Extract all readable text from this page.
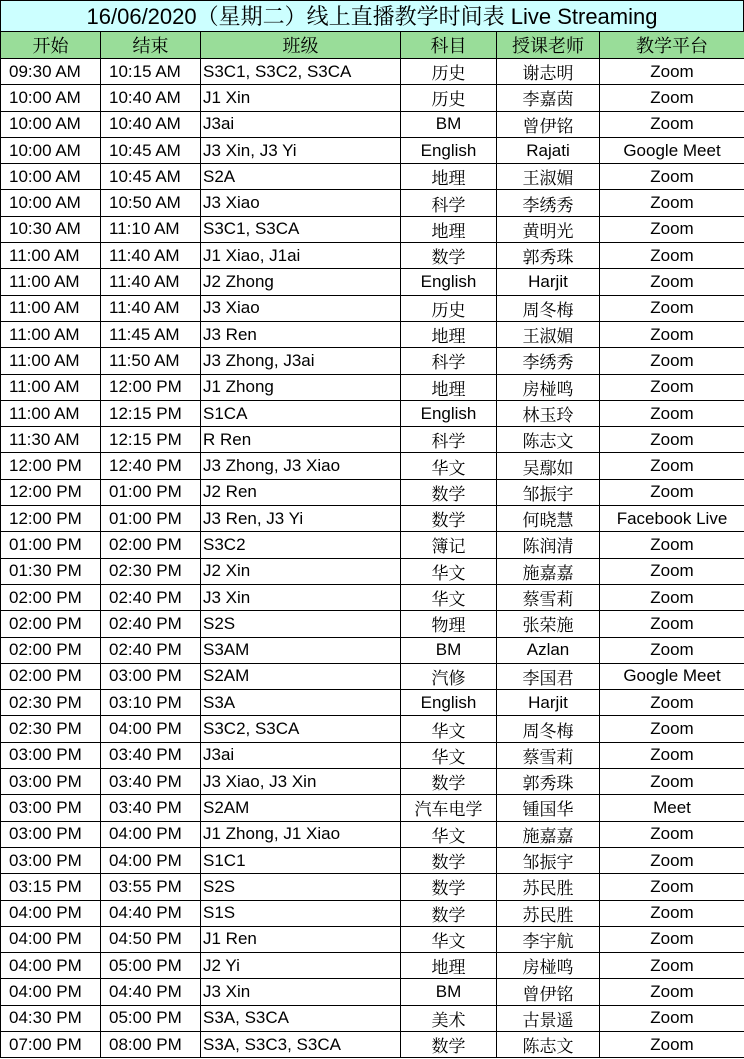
16/06/2020（星期二）线上直播教学时间表 Live Streaming
开始	结束	班级	科目	授课老师	教学平台
09:30 AM	10:15 AM	S3C1, S3C2, S3CA	历史	谢志明	Zoom
10:00 AM	10:40 AM	J1 Xin	历史	李嘉茵	Zoom
10:00 AM	10:40 AM	J3ai	BM	曾伊铭	Zoom
10:00 AM	10:45 AM	J3 Xin, J3 Yi	English	Rajati	Google Meet
10:00 AM	10:45 AM	S2A	地理	王淑媚	Zoom
10:00 AM	10:50 AM	J3 Xiao	科学	李绣秀	Zoom
10:30 AM	11:10 AM	S3C1, S3CA	地理	黄明光	Zoom
11:00 AM	11:40 AM	J1 Xiao, J1ai	数学	郭秀珠	Zoom
11:00 AM	11:40 AM	J2 Zhong	English	Harjit	Zoom
11:00 AM	11:40 AM	J3 Xiao	历史	周冬梅	Zoom
11:00 AM	11:45 AM	J3 Ren	地理	王淑媚	Zoom
11:00 AM	11:50 AM	J3 Zhong, J3ai	科学	李绣秀	Zoom
11:00 AM	12:00 PM	J1 Zhong	地理	房椪鸣	Zoom
11:00 AM	12:15 PM	S1CA	English	林玉玲	Zoom
11:30 AM	12:15 PM	R Ren	科学	陈志文	Zoom
12:00 PM	12:40 PM	J3 Zhong, J3 Xiao	华文	吴鄢如	Zoom
12:00 PM	01:00 PM	J2 Ren	数学	邹振宇	Zoom
12:00 PM	01:00 PM	J3 Ren, J3 Yi	数学	何晓慧	Facebook Live
01:00 PM	02:00 PM	S3C2	簿记	陈润清	Zoom
01:30 PM	02:30 PM	J2 Xin	华文	施嘉嘉	Zoom
02:00 PM	02:40 PM	J3 Xin	华文	蔡雪莉	Zoom
02:00 PM	02:40 PM	S2S	物理	张荣施	Zoom
02:00 PM	02:40 PM	S3AM	BM	Azlan	Zoom
02:00 PM	03:00 PM	S2AM	汽修	李国君	Google Meet
02:30 PM	03:10 PM	S3A	English	Harjit	Zoom
02:30 PM	04:00 PM	S3C2, S3CA	华文	周冬梅	Zoom
03:00 PM	03:40 PM	J3ai	华文	蔡雪莉	Zoom
03:00 PM	03:40 PM	J3 Xiao, J3 Xin	数学	郭秀珠	Zoom
03:00 PM	03:40 PM	S2AM	汽车电学	锺国华	Meet
03:00 PM	04:00 PM	J1 Zhong, J1 Xiao	华文	施嘉嘉	Zoom
03:00 PM	04:00 PM	S1C1	数学	邹振宇	Zoom
03:15 PM	03:55 PM	S2S	数学	苏民胜	Zoom
04:00 PM	04:40 PM	S1S	数学	苏民胜	Zoom
04:00 PM	04:50 PM	J1 Ren	华文	李宇航	Zoom
04:00 PM	05:00 PM	J2 Yi	地理	房椪鸣	Zoom
04:00 PM	04:40 PM	J3 Xin	BM	曾伊铭	Zoom
04:30 PM	05:00 PM	S3A, S3CA	美术	古景遥	Zoom
07:00 PM	08:00 PM	S3A, S3C3, S3CA	数学	陈志文	Zoom
